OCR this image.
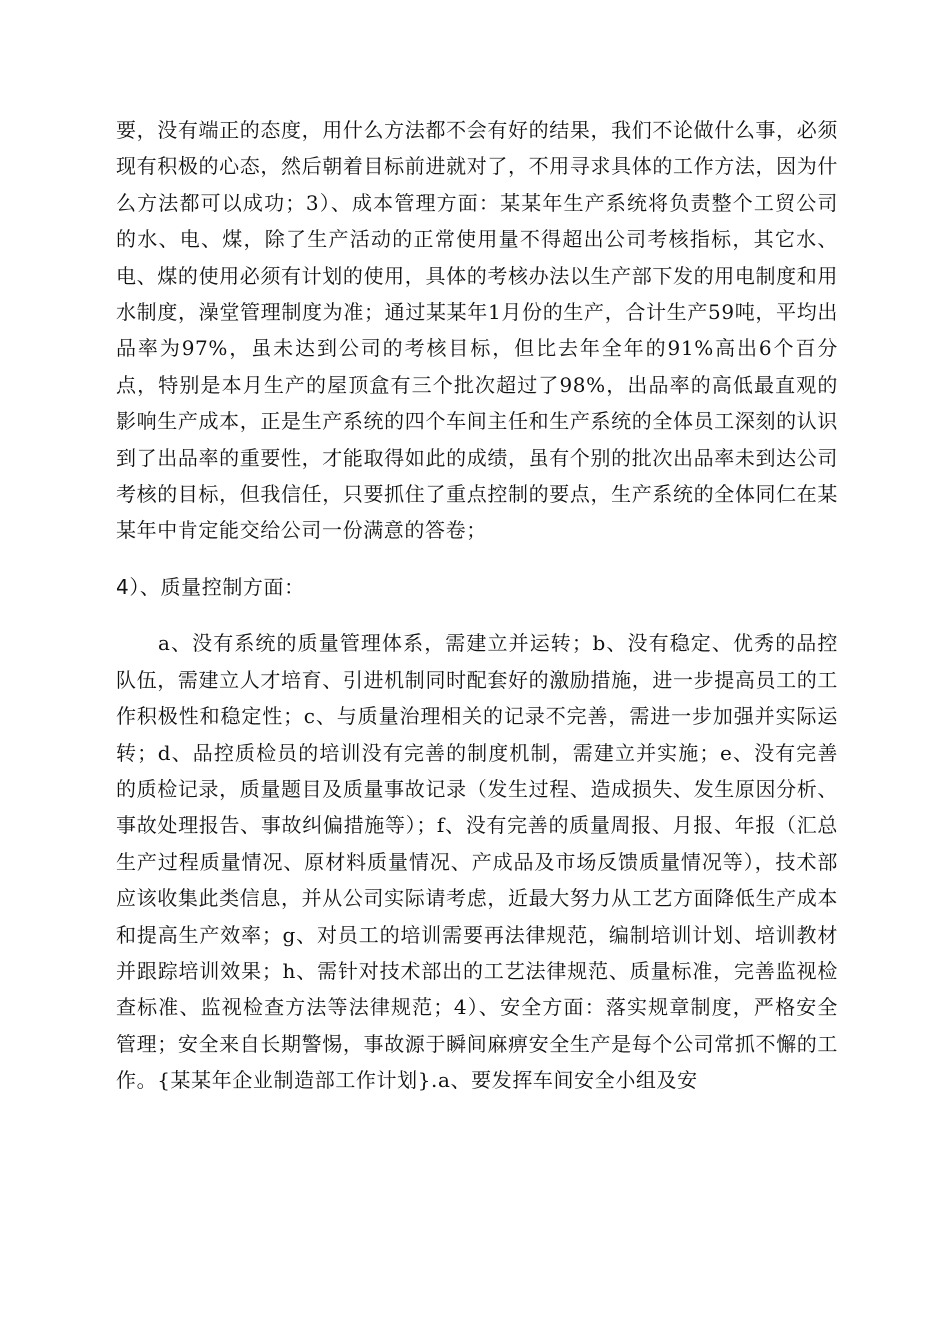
要，没有端正的态度，用什么方法都不会有好的结果，我们不论做什么事，必须现有积极的心态，然后朝着目标前进就对了，不用寻求具体的工作方法，因为什么方法都可以成功；3）、成本管理方面：某某年生产系统将负责整个工贸公司的水、电、煤，除了生产活动的正常使用量不得超出公司考核指标，其它水、电、煤的使用必须有计划的使用，具体的考核办法以生产部下发的用电制度和用水制度，澡堂管理制度为准；通过某某年1月份的生产，合计生产59吨，平均出品率为97%，虽未达到公司的考核目标，但比去年全年的91%高出6个百分点，特别是本月生产的屋顶盒有三个批次超过了98%，出品率的高低最直观的影响生产成本，正是生产系统的四个车间主任和生产系统的全体员工深刻的认识到了出品率的重要性，才能取得如此的成绩，虽有个别的批次出品率未到达公司考核的目标，但我信任，只要抓住了重点控制的要点，生产系统的全体同仁在某某年中肯定能交给公司一份满意的答卷；

4）、质量控制方面：

a、没有系统的质量管理体系，需建立并运转；b、没有稳定、优秀的品控队伍，需建立人才培育、引进机制同时配套好的激励措施，进一步提高员工的工作积极性和稳定性；c、与质量治理相关的记录不完善，需进一步加强并实际运转；d、品控质检员的培训没有完善的制度机制，需建立并实施；e、没有完善的质检记录，质量题目及质量事故记录（发生过程、造成损失、发生原因分析、事故处理报告、事故纠偏措施等）；f、没有完善的质量周报、月报、年报（汇总生产过程质量情况、原材料质量情况、产成品及市场反馈质量情况等），技术部应该收集此类信息，并从公司实际请考虑，近最大努力从工艺方面降低生产成本和提高生产效率；g、对员工的培训需要再法律规范，编制培训计划、培训教材并跟踪培训效果；h、需针对技术部出的工艺法律规范、质量标准，完善监视检查标准、监视检查方法等法律规范；4）、安全方面：落实规章制度，严格安全管理；安全来自长期警惕，事故源于瞬间麻痹安全生产是每个公司常抓不懈的工作。{某某年企业制造部工作计划}.a、要发挥车间安全小组及安
